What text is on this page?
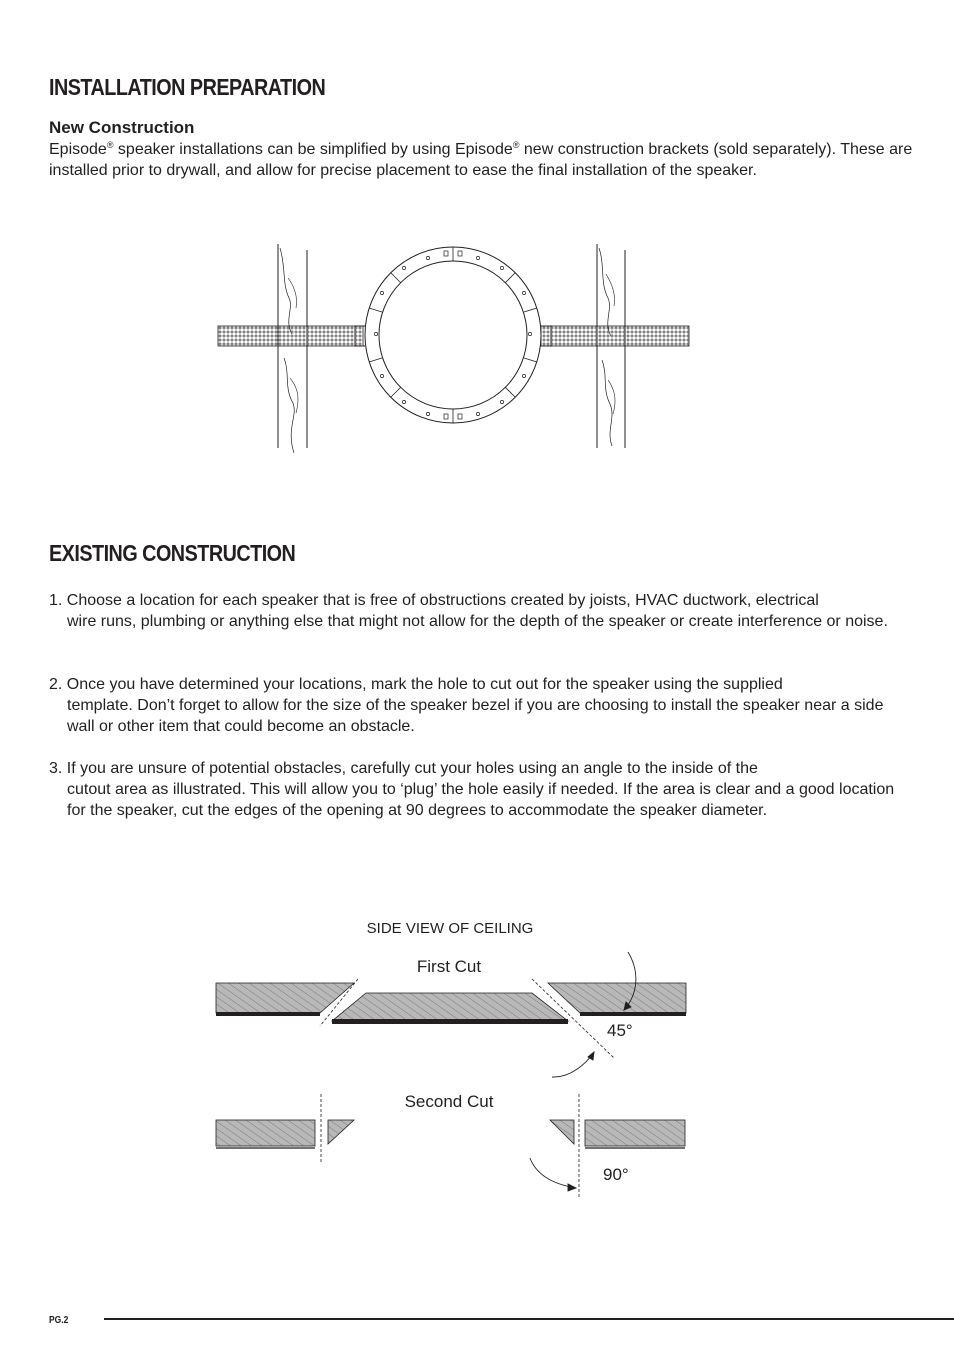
INSTALLATION PREPARATION
New Construction

Episode® speaker installations can be simplified by using Episode® new construction brackets (sold separately). These are installed prior to drywall, and allow for precise placement to ease the final installation of the speaker.

EXISTING CONSTRUCTION
1. Choose a location for each speaker that is free of obstructions created by joists, HVAC ductwork, electrical
wire runs, plumbing or anything else that might not allow for the depth of the speaker or create interference or noise.
2. Once you have determined your locations, mark the hole to cut out for the speaker using the supplied
template. Don’t forget to allow for the size of the speaker bezel if you are choosing to install the speaker near a side wall or other item that could become an obstacle.
3. If you are unsure of potential obstacles, carefully cut your holes using an angle to the inside of the
cutout area as illustrated. This will allow you to ‘plug’ the hole easily if needed. If the area is clear and a good location for the speaker, cut the edges of the opening at 90 degrees to accommodate the speaker diameter.
SIDE VIEW OF CEILING
First Cut
45°
Second Cut
90°
PG.2
